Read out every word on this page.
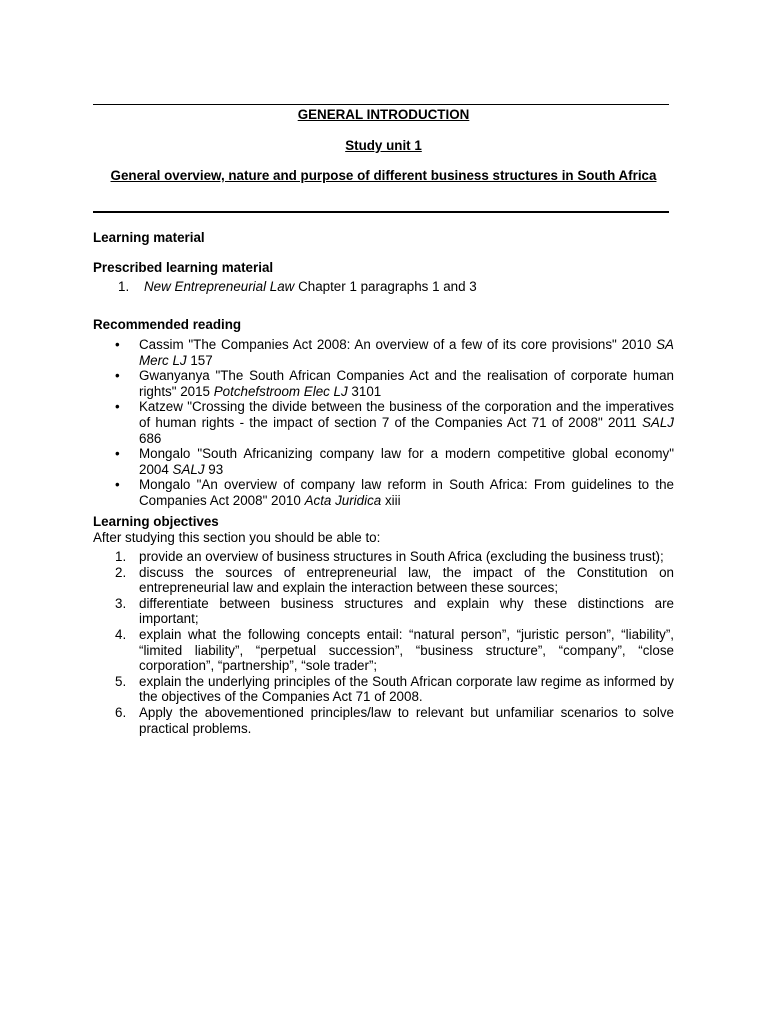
GENERAL INTRODUCTION
Study unit 1
General overview, nature and purpose of different business structures in South Africa
Learning material
Prescribed learning material
1. New Entrepreneurial Law Chapter 1 paragraphs 1 and 3
Recommended reading
• Cassim "The Companies Act 2008: An overview of a few of its core provisions" 2010 SA Merc LJ 157
• Gwanyanya "The South African Companies Act and the realisation of corporate human rights" 2015 Potchefstroom Elec LJ 3101
• Katzew "Crossing the divide between the business of the corporation and the imperatives of human rights - the impact of section 7 of the Companies Act 71 of 2008" 2011 SALJ 686
• Mongalo "South Africanizing company law for a modern competitive global economy" 2004 SALJ 93
• Mongalo "An overview of company law reform in South Africa: From guidelines to the Companies Act 2008" 2010 Acta Juridica xiii
Learning objectives
After studying this section you should be able to:
1. provide an overview of business structures in South Africa (excluding the business trust);
2. discuss the sources of entrepreneurial law, the impact of the Constitution on entrepreneurial law and explain the interaction between these sources;
3. differentiate between business structures and explain why these distinctions are important;
4. explain what the following concepts entail: “natural person”, “juristic person”, “liability”, “limited liability”, “perpetual succession”, “business structure”, “company”, “close corporation”, “partnership”, “sole trader”;
5. explain the underlying principles of the South African corporate law regime as informed by the objectives of the Companies Act 71 of 2008.
6. Apply the abovementioned principles/law to relevant but unfamiliar scenarios to solve practical problems.
